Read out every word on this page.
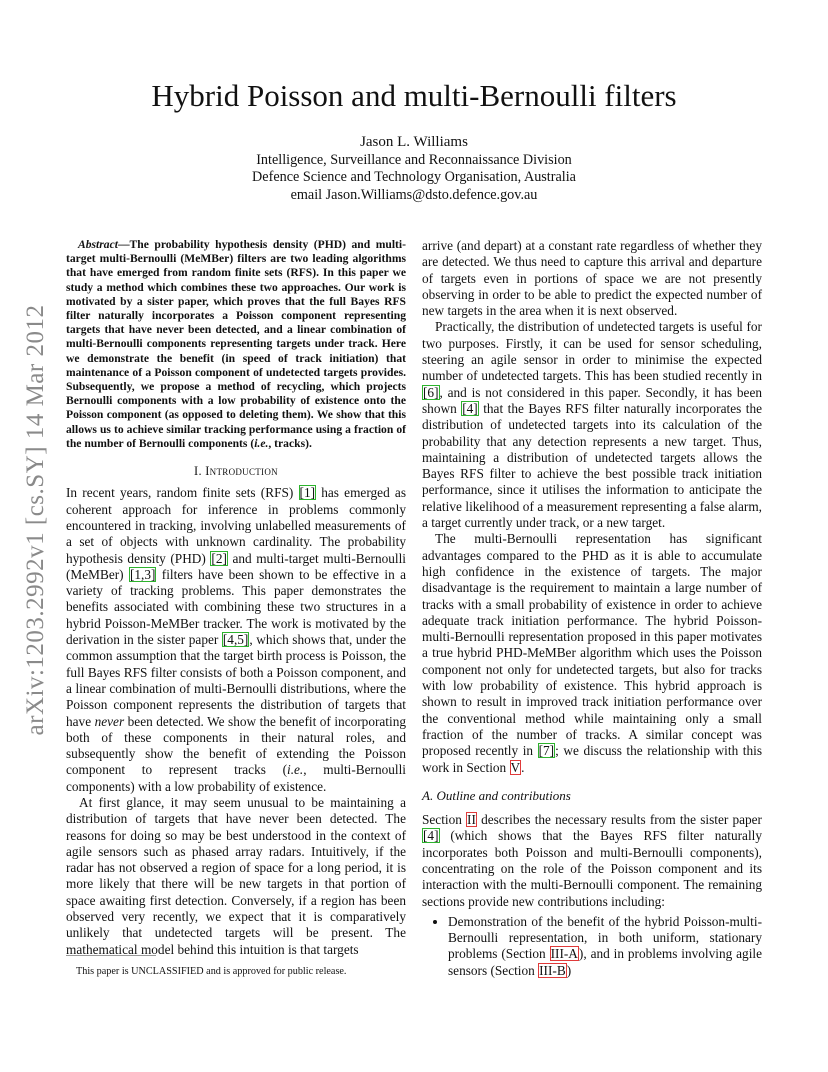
arXiv:1203.2992v1 [cs.SY] 14 Mar 2012
Hybrid Poisson and multi-Bernoulli filters
Jason L. Williams
Intelligence, Surveillance and Reconnaissance Division
Defence Science and Technology Organisation, Australia
email Jason.Williams@dsto.defence.gov.au

Abstract—The probability hypothesis density (PHD) and multi-target multi-Bernoulli (MeMBer) filters are two leading algorithms that have emerged from random finite sets (RFS). In this paper we study a method which combines these two approaches. Our work is motivated by a sister paper, which proves that the full Bayes RFS filter naturally incorporates a Poisson component representing targets that have never been detected, and a linear combination of multi-Bernoulli components representing targets under track. Here we demonstrate the benefit (in speed of track initiation) that maintenance of a Poisson component of undetected targets provides. Subsequently, we propose a method of recycling, which projects Bernoulli components with a low probability of existence onto the Poisson component (as opposed to deleting them). We show that this allows us to achieve similar tracking performance using a fraction of the number of Bernoulli components (i.e., tracks).

I. Introduction

In recent years, random finite sets (RFS) [1] has emerged as coherent approach for inference in problems commonly encountered in tracking, involving unlabelled measurements of a set of objects with unknown cardinality. The probability hypothesis density (PHD) [2] and multi-target multi-Bernoulli (MeMBer) [1,3] filters have been shown to be effective in a variety of tracking problems. This paper demonstrates the benefits associated with combining these two structures in a hybrid Poisson-MeMBer tracker. The work is motivated by the derivation in the sister paper [4,5], which shows that, under the common assumption that the target birth process is Poisson, the full Bayes RFS filter consists of both a Poisson component, and a linear combination of multi-Bernoulli distributions, where the Poisson component represents the distribution of targets that have never been detected. We show the benefit of incorporating both of these components in their natural roles, and subsequently show the benefit of extending the Poisson component to represent tracks (i.e., multi-Bernoulli components) with a low probability of existence.

At first glance, it may seem unusual to be maintaining a distribution of targets that have never been detected. The reasons for doing so may be best understood in the context of agile sensors such as phased array radars. Intuitively, if the radar has not observed a region of space for a long period, it is more likely that there will be new targets in that portion of space awaiting first detection. Conversely, if a region has been observed very recently, we expect that it is comparatively unlikely that undetected targets will be present. The mathematical model behind this intuition is that targets

This paper is UNCLASSIFIED and is approved for public release.

arrive (and depart) at a constant rate regardless of whether they are detected. We thus need to capture this arrival and departure of targets even in portions of space we are not presently observing in order to be able to predict the expected number of new targets in the area when it is next observed.

Practically, the distribution of undetected targets is useful for two purposes. Firstly, it can be used for sensor scheduling, steering an agile sensor in order to minimise the expected number of undetected targets. This has been studied recently in [6], and is not considered in this paper. Secondly, it has been shown [4] that the Bayes RFS filter naturally incorporates the distribution of undetected targets into its calculation of the probability that any detection represents a new target. Thus, maintaining a distribution of undetected targets allows the Bayes RFS filter to achieve the best possible track initiation performance, since it utilises the information to anticipate the relative likelihood of a measurement representing a false alarm, a target currently under track, or a new target.

The multi-Bernoulli representation has significant advantages compared to the PHD as it is able to accumulate high confidence in the existence of targets. The major disadvantage is the requirement to maintain a large number of tracks with a small probability of existence in order to achieve adequate track initiation performance. The hybrid Poisson-multi-Bernoulli representation proposed in this paper motivates a true hybrid PHD-MeMBer algorithm which uses the Poisson component not only for undetected targets, but also for tracks with low probability of existence. This hybrid approach is shown to result in improved track initiation performance over the conventional method while maintaining only a small fraction of the number of tracks. A similar concept was proposed recently in [7]; we discuss the relationship with this work in Section V.

A. Outline and contributions

Section II describes the necessary results from the sister paper [4] (which shows that the Bayes RFS filter naturally incorporates both Poisson and multi-Bernoulli components), concentrating on the role of the Poisson component and its interaction with the multi-Bernoulli component. The remaining sections provide new contributions including:

• Demonstration of the benefit of the hybrid Poisson-multi-Bernoulli representation, in both uniform, stationary problems (Section III-A), and in problems involving agile sensors (Section III-B)
